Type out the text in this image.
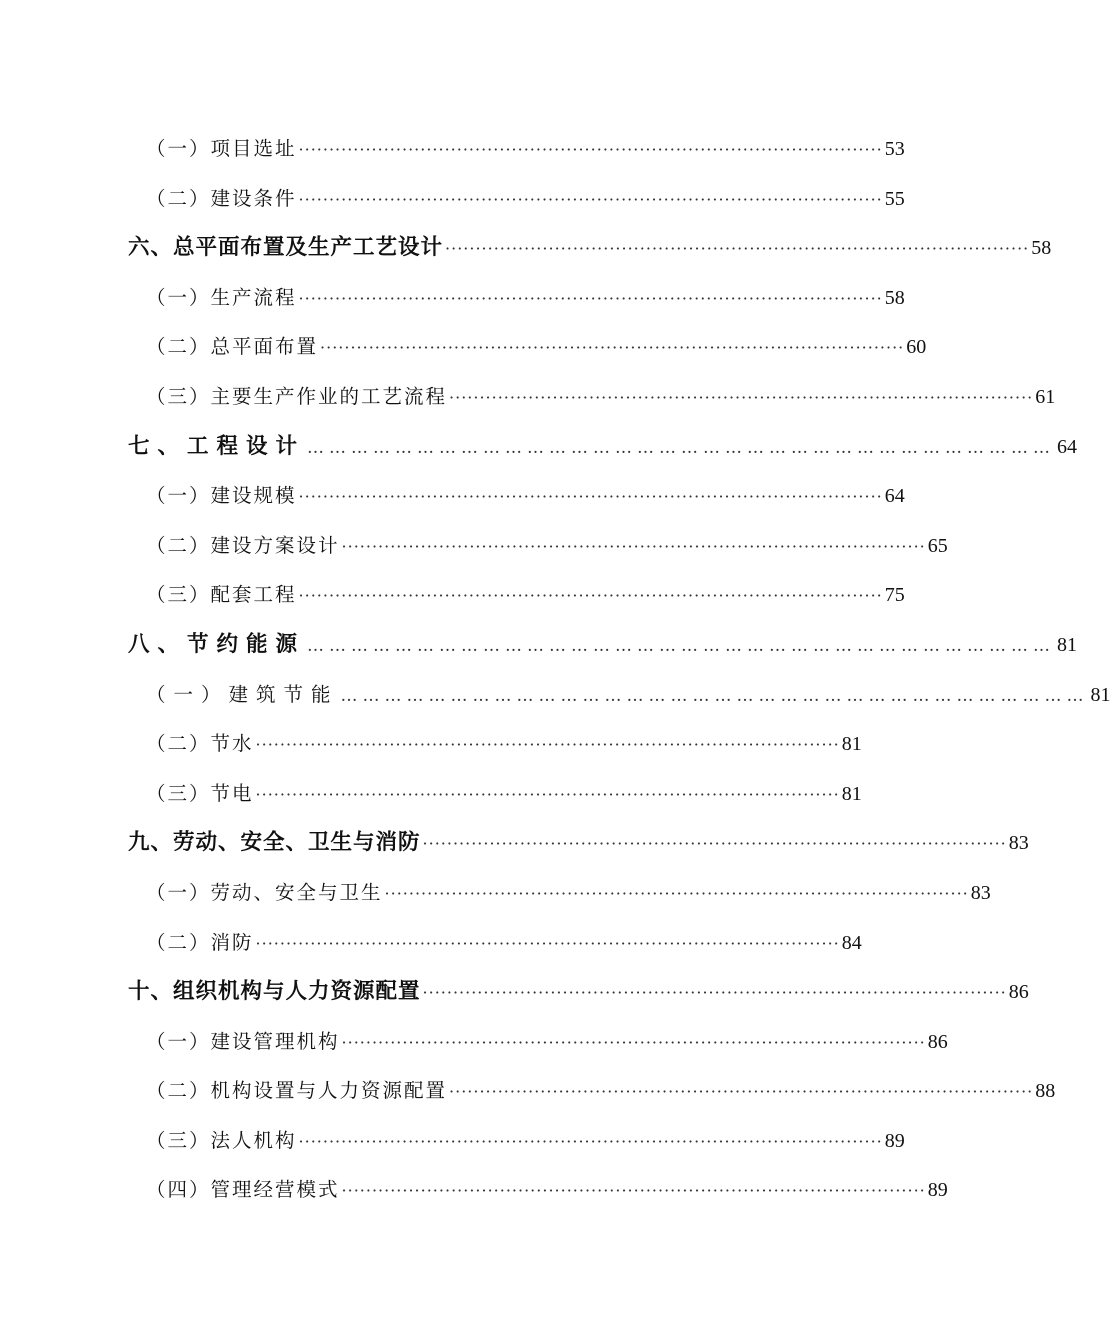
（一）项目选址 ································································································ 53
（二）建设条件 ································································································ 55
六、总平面布置及生产工艺设计 ································································································ 58
（一）生产流程 ································································································ 58
（二）总平面布置 ································································································ 60
（三）主要生产作业的工艺流程 ································································································ 61
七、工程设计 ………………………………………………………………………………………… 64
（一）建设规模 ································································································ 64
（二）建设方案设计 ································································································ 65
（三）配套工程 ································································································ 75
八、节约能源 ………………………………………………………………………………………… 81
（一）建筑节能 ………………………………………………………………………………………… 81
（二）节水 ································································································ 81
（三）节电 ································································································ 81
九、劳动、安全、卫生与消防 ································································································ 83
（一）劳动、安全与卫生 ································································································ 83
（二）消防 ································································································ 84
十、组织机构与人力资源配置 ································································································ 86
（一）建设管理机构 ································································································ 86
（二）机构设置与人力资源配置 ································································································ 88
（三）法人机构 ································································································ 89
（四）管理经营模式 ································································································ 89
